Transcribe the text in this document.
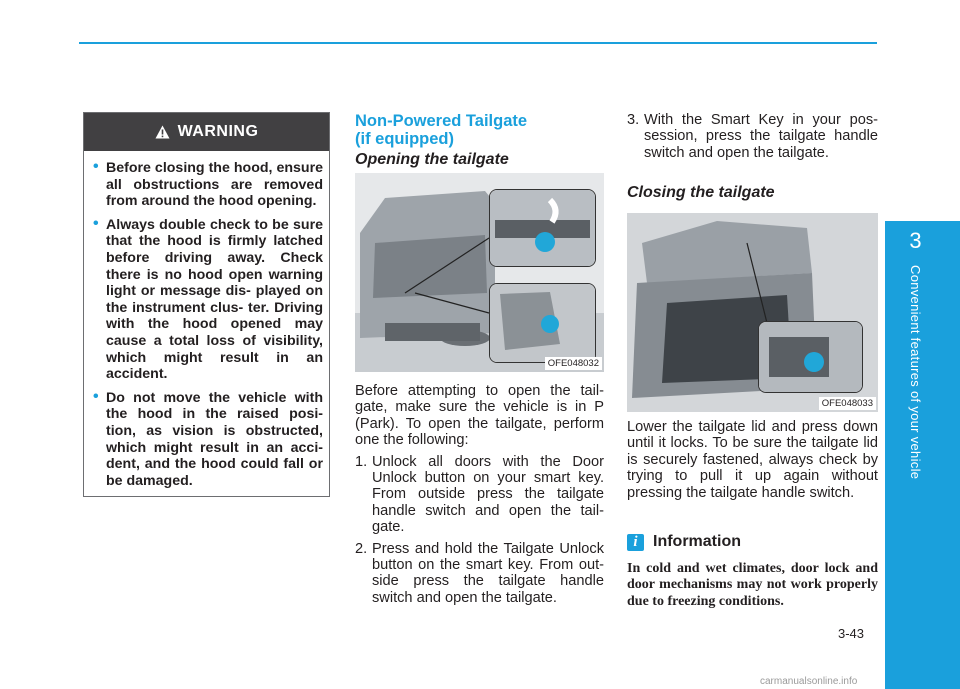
WARNING
• Before closing the hood, ensure all obstructions are removed from around the hood opening.
• Always double check to be sure that the hood is firmly latched before driving away. Check there is no hood open warning light or message dis- played on the instrument clus- ter. Driving with the hood opened may cause a total loss of visibility, which might result in an accident.
• Do not move the vehicle with the hood in the raised posi- tion, as vision is obstructed, which might result in an acci- dent, and the hood could fall or be damaged.
Non-Powered Tailgate
(if equipped)
Opening the tailgate
OFE048032

Before attempting to open the tail- gate, make sure the vehicle is in P (Park). To open the tailgate, perform one the following:

1. Unlock all doors with the Door Unlock button on your smart key. From outside press the tailgate handle switch and open the tail- gate.
2. Press and hold the Tailgate Unlock button on the smart key. From out- side press the tailgate handle switch and open the tailgate.
3. With the Smart Key in your pos- session, press the tailgate handle switch and open the tailgate.
Closing the tailgate
OFE048033
Lower the tailgate lid and press down until it locks. To be sure the tailgate lid is securely fastened, always check by trying to pull it up again without pressing the tailgate handle switch.
i Information
In cold and wet climates, door lock and door mechanisms may not work properly due to freezing conditions.
3
Convenient features of your vehicle
3-43
carmanualsonline.info
